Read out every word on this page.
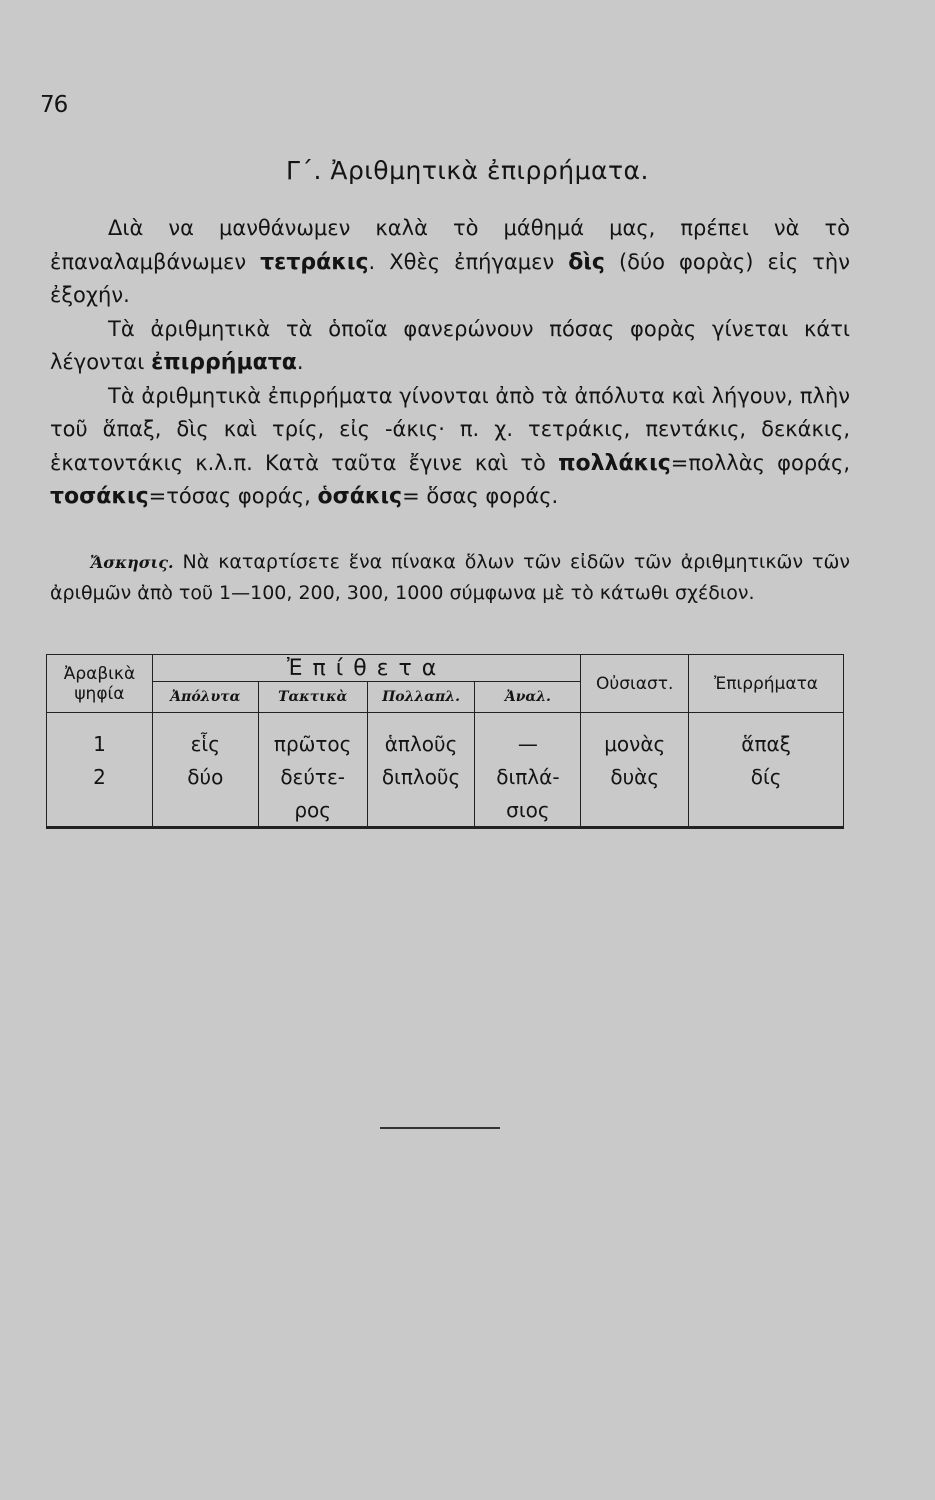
76
Γ΄. Ἀριθμητικὰ ἐπιρρήματα.

Διὰ να μανθάνωμεν καλὰ τὸ μάθημά μας, πρέπει νὰ τὸ ἐπαναλαμβάνωμεν τετράκις. Χθὲς ἐπήγαμεν δὶς (δύο φορὰς) εἰς τὴν ἐξοχήν.

Τὰ ἀριθμητικὰ τὰ ὁποῖα φανερώνουν πόσας φορὰς γίνεται κάτι λέγονται ἐπιρρήματα.

Τὰ ἀριθμητικὰ ἐπιρρήματα γίνονται ἀπὸ τὰ ἀπόλυτα καὶ λήγουν, πλὴν τοῦ ἅπαξ, δὶς καὶ τρίς, εἰς -άκις· π. χ. τετράκις, πεντάκις, δεκάκις, ἑκατοντάκις κ.λ.π. Κατὰ ταῦτα ἔγινε καὶ τὸ πολλάκις=πολλὰς φοράς, τοσάκις=τόσας φοράς, ὁσάκις= ὅσας φοράς.

Ἄσκησις. Νὰ καταρτίσετε ἕνα πίνακα ὅλων τῶν εἰδῶν τῶν ἀριθμητικῶν τῶν ἀριθμῶν ἀπὸ τοῦ 1—100, 200, 300, 1000 σύμφωνα μὲ τὸ κάτωθι σχέδιον.

Ἀραβικὰ
ψηφία	Ἐπίθετα				Οὐσιαστ.	Ἐπιρρήματα
	Ἀπόλυτα	Τακτικὰ	Πολλαπλ.	Ἀναλ.		

1	εἷς	πρῶτος	ἁπλοῦς	—	μονὰς	ἅπαξ
2	δύο	δεύτε-	διπλοῦς	διπλά-	δυὰς	δίς
		ρος		σιος		
